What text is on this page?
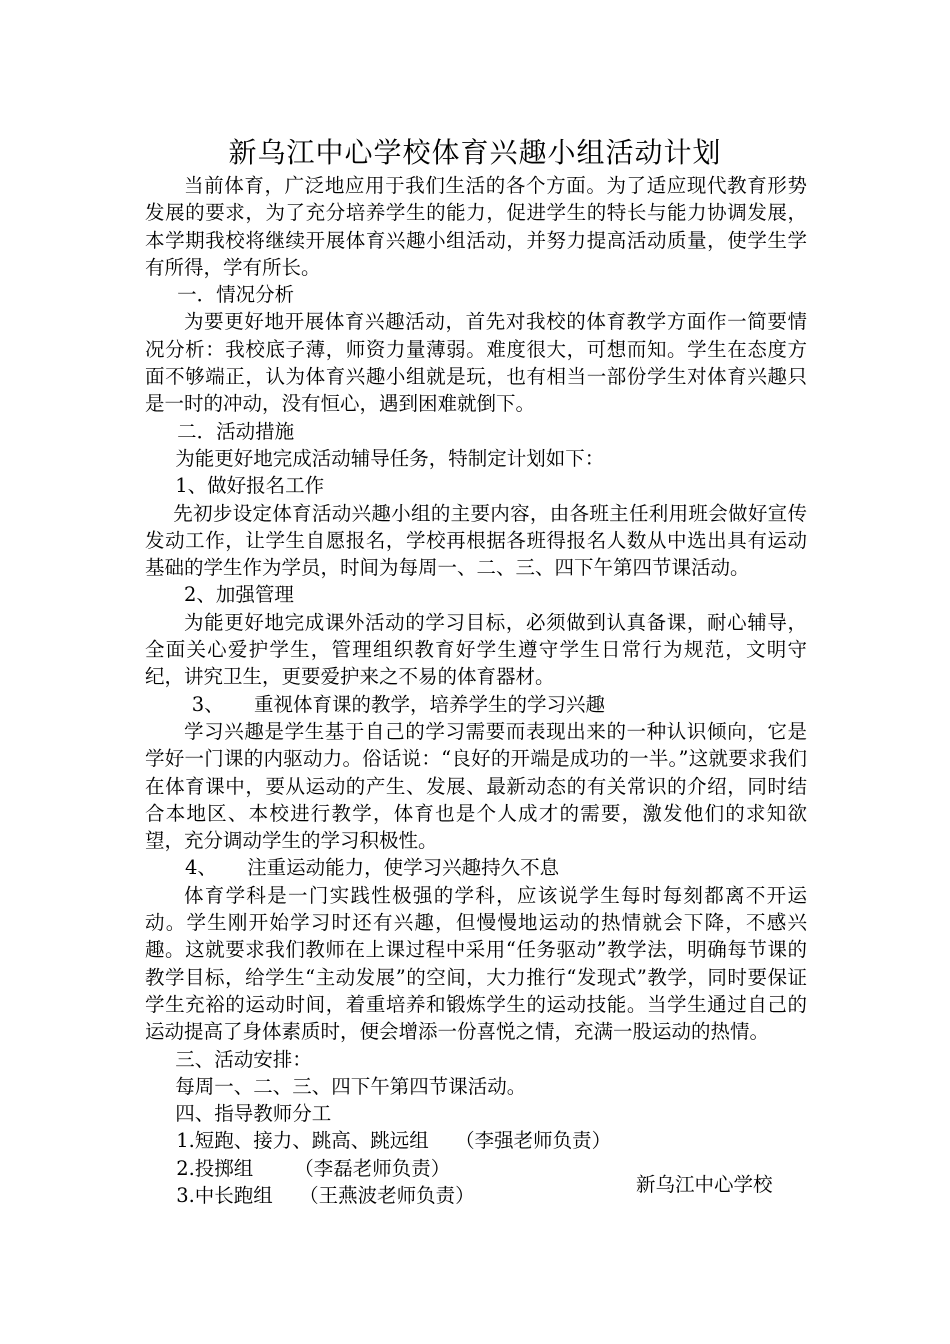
新乌江中心学校体育兴趣小组活动计划

当前体育，广泛地应用于我们生活的各个方面。为了适应现代教育形势发展的要求，为了充分培养学生的能力，促进学生的特长与能力协调发展，本学期我校将继续开展体育兴趣小组活动，并努力提高活动质量，使学生学有所得，学有所长。

一．情况分析

为要更好地开展体育兴趣活动，首先对我校的体育教学方面作一简要情况分析：我校底子薄，师资力量薄弱。难度很大，可想而知。学生在态度方面不够端正，认为体育兴趣小组就是玩，也有相当一部份学生对体育兴趣只是一时的冲动，没有恒心，遇到困难就倒下。

二．活动措施

为能更好地完成活动辅导任务，特制定计划如下：

1、做好报名工作

先初步设定体育活动兴趣小组的主要内容，由各班主任利用班会做好宣传发动工作，让学生自愿报名，学校再根据各班得报名人数从中选出具有运动基础的学生作为学员，时间为每周一、二、三、四下午第四节课活动。

2、加强管理

为能更好地完成课外活动的学习目标，必须做到认真备课，耐心辅导，全面关心爱护学生，管理组织教育好学生遵守学生日常行为规范，文明守纪，讲究卫生，更要爱护来之不易的体育器材。

3、 重视体育课的教学，培养学生的学习兴趣

学习兴趣是学生基于自己的学习需要而表现出来的一种认识倾向，它是学好一门课的内驱动力。俗话说：“良好的开端是成功的一半。”这就要求我们在体育课中，要从运动的产生、发展、最新动态的有关常识的介绍，同时结合本地区、本校进行教学，体育也是个人成才的需要，激发他们的求知欲望，充分调动学生的学习积极性。

4、 注重运动能力，使学习兴趣持久不息

体育学科是一门实践性极强的学科，应该说学生每时每刻都离不开运动。学生刚开始学习时还有兴趣，但慢慢地运动的热情就会下降，不感兴趣。这就要求我们教师在上课过程中采用“任务驱动”教学法，明确每节课的教学目标，给学生“主动发展”的空间，大力推行“发现式”教学，同时要保证学生充裕的运动时间，着重培养和锻炼学生的运动技能。当学生通过自己的运动提高了身体素质时，便会增添一份喜悦之情，充满一股运动的热情。

三、活动安排：

每周一、二、三、四下午第四节课活动。

四、指导教师分工

1.短跑、接力、跳高、跳远组 （李强老师负责）

2.投掷组 （李磊老师负责）

3.中长跑组 （王燕波老师负责）	新乌江中心学校
